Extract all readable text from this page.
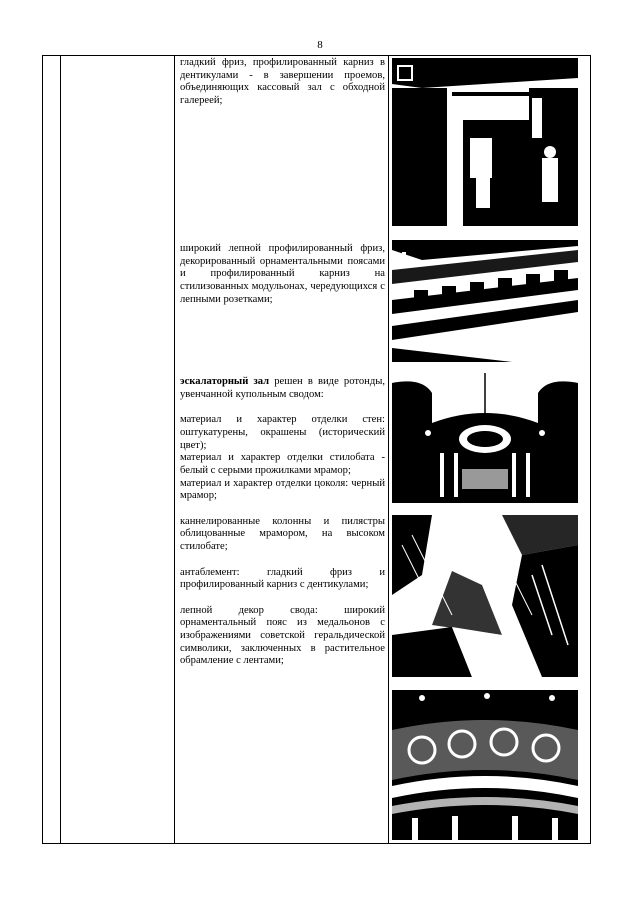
8

гладкий фриз, профилированный карниз в дентикулами - в завершении проемов, объединяющих кассовый зал с обходной галереей;

широкий лепной профилированный фриз, декорированный орнаментальными поясами и профилированный карниз на стилизованных модульонах, чередующихся с лепными розетками;

эскалаторный зал решен в виде ротонды, увенчанной купольным сводом:

материал и характер отделки стен: оштукатурены, окрашены (исторический цвет);

материал и характер отделки стилобата - белый с серыми прожилками мрамор;

материал и характер отделки цоколя: черный мрамор;

каннелированные колонны и пилястры облицованные мрамором, на высоком стилобате;

антаблемент: гладкий фриз и профилированный карниз с дентикулами;

лепной декор свода: широкий орнаментальный пояс из медальонов с изображениями советской геральдической символики, заключенных в растительное обрамление с лентами;
